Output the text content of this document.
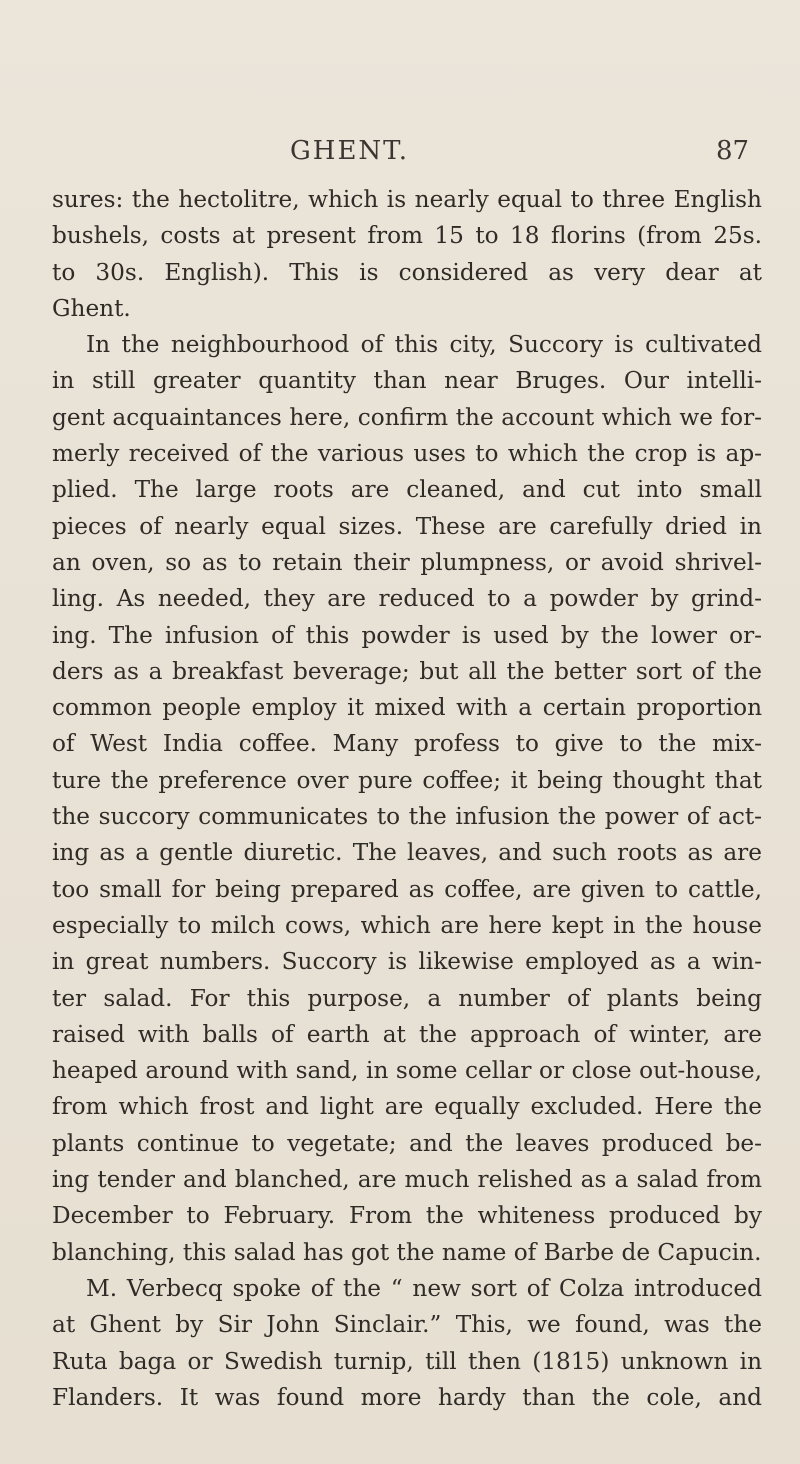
GHENT.	87
sures: the hectolitre, which is nearly equal to three English
bushels, costs at present from 15 to 18 florins (from 25s.
to 30s. English). This is considered as very dear at
Ghent.
In the neighbourhood of this city, Succory is cultivated
in still greater quantity than near Bruges. Our intelli-
gent acquaintances here, confirm the account which we for-
merly received of the various uses to which the crop is ap-
plied. The large roots are cleaned, and cut into small
pieces of nearly equal sizes. These are carefully dried in
an oven, so as to retain their plumpness, or avoid shrivel-
ling. As needed, they are reduced to a powder by grind-
ing. The infusion of this powder is used by the lower or-
ders as a breakfast beverage; but all the better sort of the
common people employ it mixed with a certain proportion
of West India coffee. Many profess to give to the mix-
ture the preference over pure coffee; it being thought that
the succory communicates to the infusion the power of act-
ing as a gentle diuretic. The leaves, and such roots as are
too small for being prepared as coffee, are given to cattle,
especially to milch cows, which are here kept in the house
in great numbers. Succory is likewise employed as a win-
ter salad. For this purpose, a number of plants being
raised with balls of earth at the approach of winter, are
heaped around with sand, in some cellar or close out-house,
from which frost and light are equally excluded. Here the
plants continue to vegetate; and the leaves produced be-
ing tender and blanched, are much relished as a salad from
December to February. From the whiteness produced by
blanching, this salad has got the name of Barbe de Capucin.
M. Verbecq spoke of the “ new sort of Colza introduced
at Ghent by Sir John Sinclair.” This, we found, was the
Ruta baga or Swedish turnip, till then (1815) unknown in
Flanders. It was found more hardy than the cole, and
